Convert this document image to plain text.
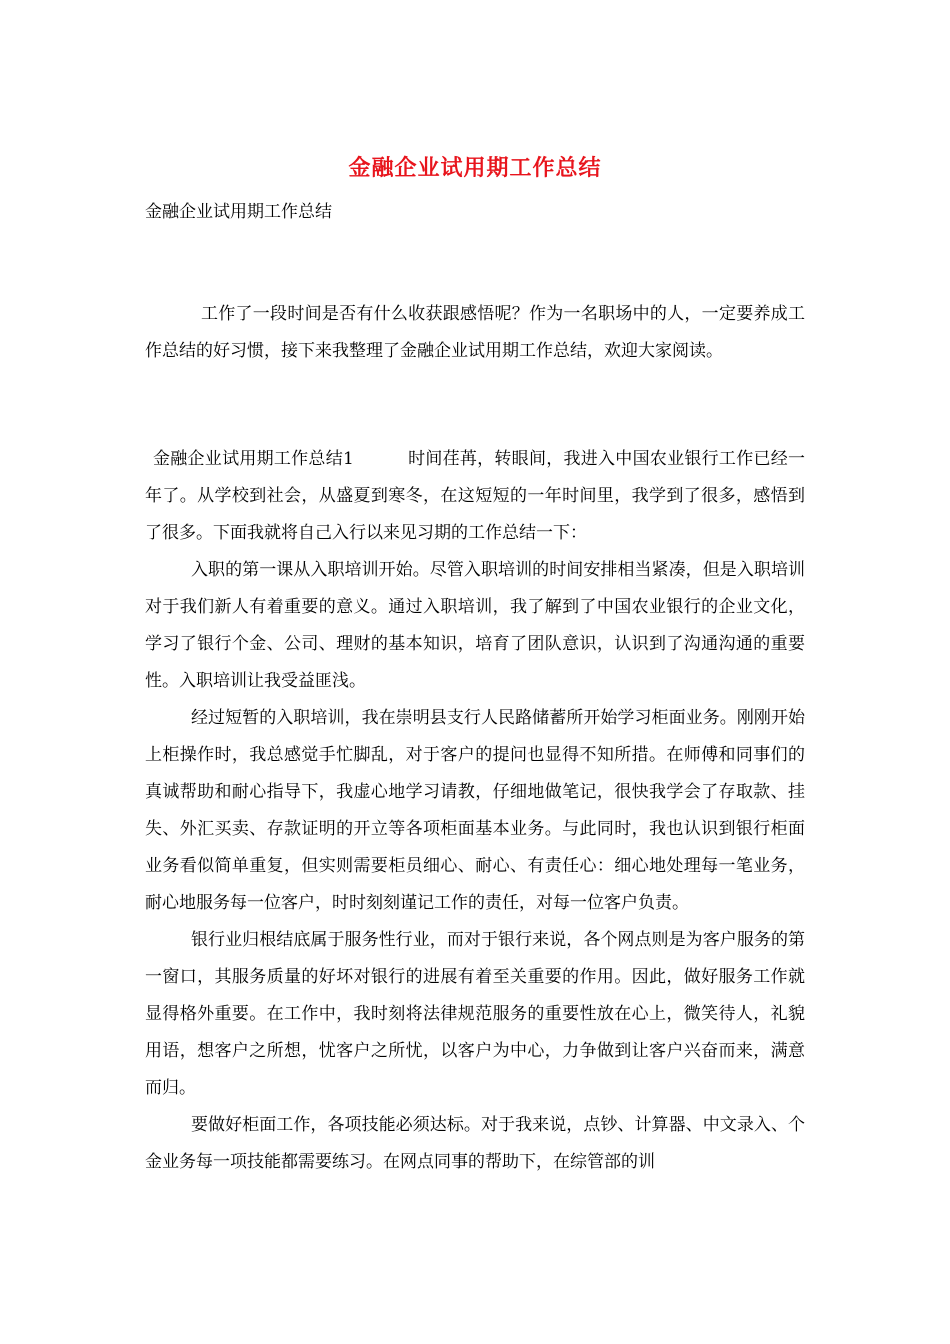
金融企业试用期工作总结
金融企业试用期工作总结
工作了一段时间是否有什么收获跟感悟呢？作为一名职场中的人，一定要养成工作总结的好习惯，接下来我整理了金融企业试用期工作总结，欢迎大家阅读。

金融企业试用期工作总结1	时间荏苒，转眼间，我进入中国农业银行工作已经一年了。从学校到社会，从盛夏到寒冬，在这短短的一年时间里，我学到了很多，感悟到了很多。下面我就将自己入行以来见习期的工作总结一下：

入职的第一课从入职培训开始。尽管入职培训的时间安排相当紧凑，但是入职培训对于我们新人有着重要的意义。通过入职培训，我了解到了中国农业银行的企业文化，学习了银行个金、公司、理财的基本知识，培育了团队意识，认识到了沟通沟通的重要性。入职培训让我受益匪浅。

经过短暂的入职培训，我在崇明县支行人民路储蓄所开始学习柜面业务。刚刚开始上柜操作时，我总感觉手忙脚乱，对于客户的提问也显得不知所措。在师傅和同事们的真诚帮助和耐心指导下，我虚心地学习请教，仔细地做笔记，很快我学会了存取款、挂失、外汇买卖、存款证明的开立等各项柜面基本业务。与此同时，我也认识到银行柜面业务看似简单重复，但实则需要柜员细心、耐心、有责任心：细心地处理每一笔业务，耐心地服务每一位客户，时时刻刻谨记工作的责任，对每一位客户负责。

银行业归根结底属于服务性行业，而对于银行来说，各个网点则是为客户服务的第一窗口，其服务质量的好坏对银行的进展有着至关重要的作用。因此，做好服务工作就显得格外重要。在工作中，我时刻将法律规范服务的重要性放在心上，微笑待人，礼貌用语，想客户之所想，忧客户之所忧，以客户为中心，力争做到让客户兴奋而来，满意而归。

要做好柜面工作，各项技能必须达标。对于我来说，点钞、计算器、中文录入、个金业务每一项技能都需要练习。在网点同事的帮助下，在综管部的训
